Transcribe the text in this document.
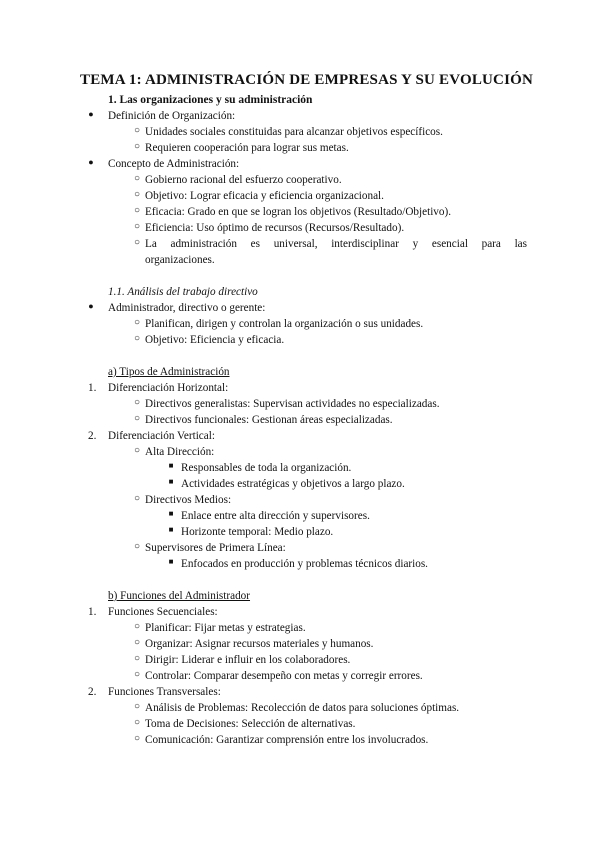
TEMA 1: ADMINISTRACIÓN DE EMPRESAS Y SU EVOLUCIÓN
1. Las organizaciones y su administración
●	Definición de Organización:
○ Unidades sociales constituidas para alcanzar objetivos específicos.
○ Requieren cooperación para lograr sus metas.
●	Concepto de Administración:
○ Gobierno racional del esfuerzo cooperativo.
○ Objetivo: Lograr eficacia y eficiencia organizacional.
○ Eficacia: Grado en que se logran los objetivos (Resultado/Objetivo).
○ Eficiencia: Uso óptimo de recursos (Recursos/Resultado).
○ La administración es universal, interdisciplinar y esencial para las
organizaciones.
1.1. Análisis del trabajo directivo
●	Administrador, directivo o gerente:
○ Planifican, dirigen y controlan la organización o sus unidades.
○ Objetivo: Eficiencia y eficacia.
a) Tipos de Administración
1. Diferenciación Horizontal:
○ Directivos generalistas: Supervisan actividades no especializadas.
○ Directivos funcionales: Gestionan áreas especializadas.
2. Diferenciación Vertical:
○ Alta Dirección:
■ Responsables de toda la organización.
■ Actividades estratégicas y objetivos a largo plazo.
○ Directivos Medios:
■ Enlace entre alta dirección y supervisores.
■ Horizonte temporal: Medio plazo.
○ Supervisores de Primera Línea:
■ Enfocados en producción y problemas técnicos diarios.
b) Funciones del Administrador
1. Funciones Secuenciales:
○ Planificar: Fijar metas y estrategias.
○ Organizar: Asignar recursos materiales y humanos.
○ Dirigir: Liderar e influir en los colaboradores.
○ Controlar: Comparar desempeño con metas y corregir errores.
2. Funciones Transversales:
○ Análisis de Problemas: Recolección de datos para soluciones óptimas.
○ Toma de Decisiones: Selección de alternativas.
○ Comunicación: Garantizar comprensión entre los involucrados.
